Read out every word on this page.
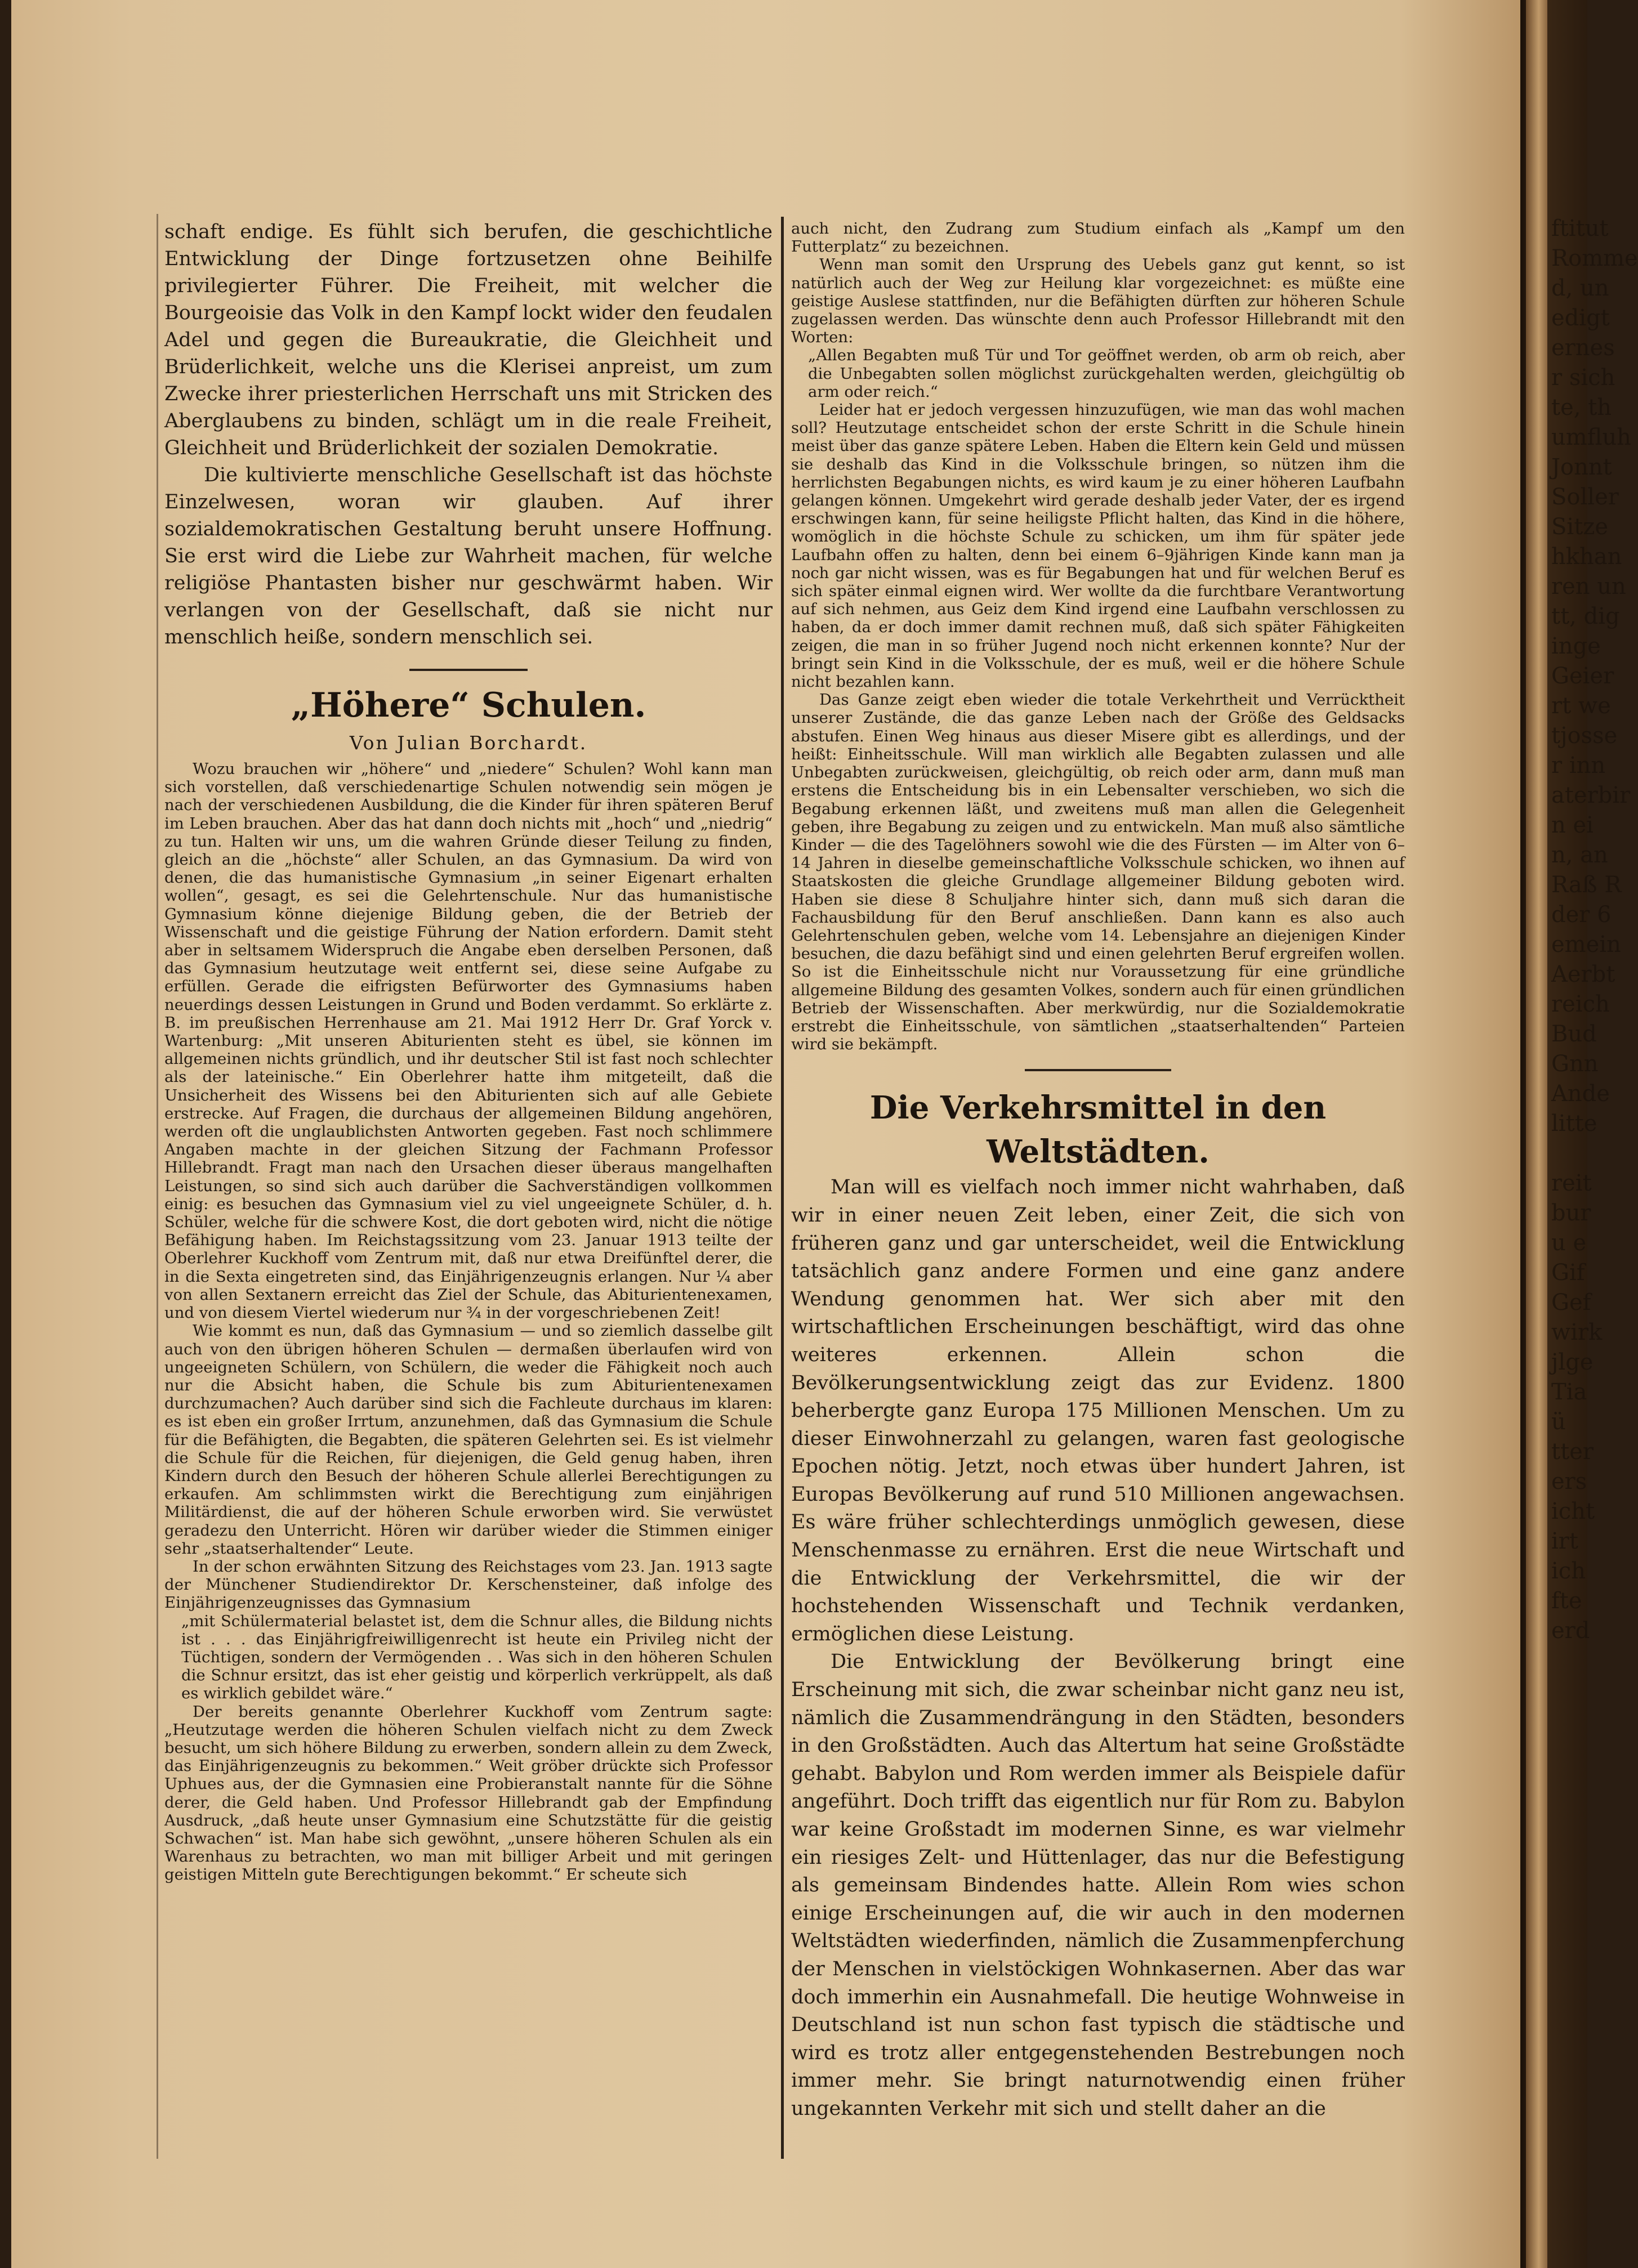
schaft endige. Es fühlt sich berufen, die geschichtliche Entwicklung der Dinge fortzusetzen ohne Beihilfe privilegierter Führer. Die Freiheit, mit welcher die Bourgeoisie das Volk in den Kampf lockt wider den feudalen Adel und gegen die Bureaukratie, die Gleichheit und Brüderlichkeit, welche uns die Klerisei anpreist, um zum Zwecke ihrer priesterlichen Herrschaft uns mit Stricken des Aberglaubens zu binden, schlägt um in die reale Freiheit, Gleichheit und Brüderlichkeit der sozialen Demokratie.

Die kultivierte menschliche Gesellschaft ist das höchste Einzelwesen, woran wir glauben. Auf ihrer sozialdemokratischen Gestaltung beruht unsere Hoffnung. Sie erst wird die Liebe zur Wahrheit machen, für welche religiöse Phantasten bisher nur geschwärmt haben. Wir verlangen von der Gesellschaft, daß sie nicht nur menschlich heiße, sondern menschlich sei.

„Höhere“ Schulen.
Von Julian Borchardt.

Wozu brauchen wir „höhere“ und „niedere“ Schulen? Wohl kann man sich vorstellen, daß verschiedenartige Schulen notwendig sein mögen je nach der verschiedenen Ausbildung, die die Kinder für ihren späteren Beruf im Leben brauchen. Aber das hat dann doch nichts mit „hoch“ und „niedrig“ zu tun. Halten wir uns, um die wahren Gründe dieser Teilung zu finden, gleich an die „höchste“ aller Schulen, an das Gymnasium. Da wird von denen, die das humanistische Gymnasium „in seiner Eigenart erhalten wollen“, gesagt, es sei die Gelehrtenschule. Nur das humanistische Gymnasium könne diejenige Bildung geben, die der Betrieb der Wissenschaft und die geistige Führung der Nation erfordern. Damit steht aber in seltsamem Widerspruch die Angabe eben derselben Personen, daß das Gymnasium heutzutage weit entfernt sei, diese seine Aufgabe zu erfüllen. Gerade die eifrigsten Befürworter des Gymnasiums haben neuerdings dessen Leistungen in Grund und Boden verdammt. So erklärte z. B. im preußischen Herrenhause am 21. Mai 1912 Herr Dr. Graf Yorck v. Wartenburg: „Mit unseren Abiturienten steht es übel, sie können im allgemeinen nichts gründlich, und ihr deutscher Stil ist fast noch schlechter als der lateinische.“ Ein Oberlehrer hatte ihm mitgeteilt, daß die Unsicherheit des Wissens bei den Abiturienten sich auf alle Gebiete erstrecke. Auf Fragen, die durchaus der allgemeinen Bildung angehören, werden oft die unglaublichsten Antworten gegeben. Fast noch schlimmere Angaben machte in der gleichen Sitzung der Fachmann Professor Hillebrandt. Fragt man nach den Ursachen dieser überaus mangelhaften Leistungen, so sind sich auch darüber die Sachverständigen vollkommen einig: es besuchen das Gymnasium viel zu viel ungeeignete Schüler, d. h. Schüler, welche für die schwere Kost, die dort geboten wird, nicht die nötige Befähigung haben. Im Reichstagssitzung vom 23. Januar 1913 teilte der Oberlehrer Kuckhoff vom Zentrum mit, daß nur etwa Dreifünftel derer, die in die Sexta eingetreten sind, das Einjährigenzeugnis erlangen. Nur ¼ aber von allen Sextanern erreicht das Ziel der Schule, das Abiturientenexamen, und von diesem Viertel wiederum nur ¾ in der vorgeschriebenen Zeit!

Wie kommt es nun, daß das Gymnasium — und so ziemlich dasselbe gilt auch von den übrigen höheren Schulen — dermaßen überlaufen wird von ungeeigneten Schülern, von Schülern, die weder die Fähigkeit noch auch nur die Absicht haben, die Schule bis zum Abiturientenexamen durchzumachen? Auch darüber sind sich die Fachleute durchaus im klaren: es ist eben ein großer Irrtum, anzunehmen, daß das Gymnasium die Schule für die Befähigten, die Begabten, die späteren Gelehrten sei. Es ist vielmehr die Schule für die Reichen, für diejenigen, die Geld genug haben, ihren Kindern durch den Besuch der höheren Schule allerlei Berechtigungen zu erkaufen. Am schlimmsten wirkt die Berechtigung zum einjährigen Militärdienst, die auf der höheren Schule erworben wird. Sie verwüstet geradezu den Unterricht. Hören wir darüber wieder die Stimmen einiger sehr „staatserhaltender“ Leute.

In der schon erwähnten Sitzung des Reichstages vom 23. Jan. 1913 sagte der Münchener Studiendirektor Dr. Kerschensteiner, daß infolge des Einjährigenzeugnisses das Gymnasium

„mit Schülermaterial belastet ist, dem die Schnur alles, die Bildung nichts ist . . . das Einjährigfreiwilligenrecht ist heute ein Privileg nicht der Tüchtigen, sondern der Vermögenden . . Was sich in den höheren Schulen die Schnur ersitzt, das ist eher geistig und körperlich verkrüppelt, als daß es wirklich gebildet wäre.“

Der bereits genannte Oberlehrer Kuckhoff vom Zentrum sagte: „Heutzutage werden die höheren Schulen vielfach nicht zu dem Zweck besucht, um sich höhere Bildung zu erwerben, sondern allein zu dem Zweck, das Einjährigenzeugnis zu bekommen.“ Weit gröber drückte sich Professor Uphues aus, der die Gymnasien eine Probieranstalt nannte für die Söhne derer, die Geld haben. Und Professor Hillebrandt gab der Empfindung Ausdruck, „daß heute unser Gymnasium eine Schutzstätte für die geistig Schwachen“ ist. Man habe sich gewöhnt, „unsere höheren Schulen als ein Warenhaus zu betrachten, wo man mit billiger Arbeit und mit geringen geistigen Mitteln gute Berechtigungen bekommt.“ Er scheute sich

auch nicht, den Zudrang zum Studium einfach als „Kampf um den Futterplatz“ zu bezeichnen.

Wenn man somit den Ursprung des Uebels ganz gut kennt, so ist natürlich auch der Weg zur Heilung klar vorgezeichnet: es müßte eine geistige Auslese stattfinden, nur die Befähigten dürften zur höheren Schule zugelassen werden. Das wünschte denn auch Professor Hillebrandt mit den Worten:

„Allen Begabten muß Tür und Tor geöffnet werden, ob arm ob reich, aber die Unbegabten sollen möglichst zurückgehalten werden, gleichgültig ob arm oder reich.“

Leider hat er jedoch vergessen hinzuzufügen, wie man das wohl machen soll? Heutzutage entscheidet schon der erste Schritt in die Schule hinein meist über das ganze spätere Leben. Haben die Eltern kein Geld und müssen sie deshalb das Kind in die Volksschule bringen, so nützen ihm die herrlichsten Begabungen nichts, es wird kaum je zu einer höheren Laufbahn gelangen können. Umgekehrt wird gerade deshalb jeder Vater, der es irgend erschwingen kann, für seine heiligste Pflicht halten, das Kind in die höhere, womöglich in die höchste Schule zu schicken, um ihm für später jede Laufbahn offen zu halten, denn bei einem 6–9jährigen Kinde kann man ja noch gar nicht wissen, was es für Begabungen hat und für welchen Beruf es sich später einmal eignen wird. Wer wollte da die furchtbare Verantwortung auf sich nehmen, aus Geiz dem Kind irgend eine Laufbahn verschlossen zu haben, da er doch immer damit rechnen muß, daß sich später Fähigkeiten zeigen, die man in so früher Jugend noch nicht erkennen konnte? Nur der bringt sein Kind in die Volksschule, der es muß, weil er die höhere Schule nicht bezahlen kann.

Das Ganze zeigt eben wieder die totale Verkehrtheit und Verrücktheit unserer Zustände, die das ganze Leben nach der Größe des Geldsacks abstufen. Einen Weg hinaus aus dieser Misere gibt es allerdings, und der heißt: Einheitsschule. Will man wirklich alle Begabten zulassen und alle Unbegabten zurückweisen, gleichgültig, ob reich oder arm, dann muß man erstens die Entscheidung bis in ein Lebensalter verschieben, wo sich die Begabung erkennen läßt, und zweitens muß man allen die Gelegenheit geben, ihre Begabung zu zeigen und zu entwickeln. Man muß also sämtliche Kinder — die des Tagelöhners sowohl wie die des Fürsten — im Alter von 6–14 Jahren in dieselbe gemeinschaftliche Volksschule schicken, wo ihnen auf Staatskosten die gleiche Grundlage allgemeiner Bildung geboten wird. Haben sie diese 8 Schuljahre hinter sich, dann muß sich daran die Fachausbildung für den Beruf anschließen. Dann kann es also auch Gelehrtenschulen geben, welche vom 14. Lebensjahre an diejenigen Kinder besuchen, die dazu befähigt sind und einen gelehrten Beruf ergreifen wollen. So ist die Einheitsschule nicht nur Voraussetzung für eine gründliche allgemeine Bildung des gesamten Volkes, sondern auch für einen gründlichen Betrieb der Wissenschaften. Aber merkwürdig, nur die Sozialdemokratie erstrebt die Einheitsschule, von sämtlichen „staatserhaltenden“ Parteien wird sie bekämpft.

Die Verkehrsmittel in den Weltstädten.

Man will es vielfach noch immer nicht wahrhaben, daß wir in einer neuen Zeit leben, einer Zeit, die sich von früheren ganz und gar unterscheidet, weil die Entwicklung tatsächlich ganz andere Formen und eine ganz andere Wendung genommen hat. Wer sich aber mit den wirtschaftlichen Erscheinungen beschäftigt, wird das ohne weiteres erkennen. Allein schon die Bevölkerungsentwicklung zeigt das zur Evidenz. 1800 beherbergte ganz Europa 175 Millionen Menschen. Um zu dieser Einwohnerzahl zu gelangen, waren fast geologische Epochen nötig. Jetzt, noch etwas über hundert Jahren, ist Europas Bevölkerung auf rund 510 Millionen angewachsen. Es wäre früher schlechterdings unmöglich gewesen, diese Menschenmasse zu ernähren. Erst die neue Wirtschaft und die Entwicklung der Verkehrsmittel, die wir der hochstehenden Wissenschaft und Technik verdanken, ermöglichen diese Leistung.

Die Entwicklung der Bevölkerung bringt eine Erscheinung mit sich, die zwar scheinbar nicht ganz neu ist, nämlich die Zusammendrängung in den Städten, besonders in den Großstädten. Auch das Altertum hat seine Großstädte gehabt. Babylon und Rom werden immer als Beispiele dafür angeführt. Doch trifft das eigentlich nur für Rom zu. Babylon war keine Großstadt im modernen Sinne, es war vielmehr ein riesiges Zelt- und Hüttenlager, das nur die Befestigung als gemeinsam Bindendes hatte. Allein Rom wies schon einige Erscheinungen auf, die wir auch in den modernen Weltstädten wiederfinden, nämlich die Zusammenpferchung der Menschen in vielstöckigen Wohnkasernen. Aber das war doch immerhin ein Ausnahmefall. Die heutige Wohnweise in Deutschland ist nun schon fast typisch die städtische und wird es trotz aller entgegenstehenden Bestrebungen noch immer mehr. Sie bringt naturnotwendig einen früher ungekannten Verkehr mit sich und stellt daher an die

ftitut
Romme
d, un
edigt
ernes
r sich
te, th
umfluh
Jonnt
Soller
Sitze
hkhan
ren un
tt, dig
inge
Geier
rt we
tjosse
r inn
aterbir
n ei
n, an
Raß R
der 6
emein
Aerbt
reich
Bud
Gnn
Ande
litte

reit
bur
u e
Gif
Gef
wirk
jlge
Tia
ü
tter
ers
icht
irt
ich
fte
erd
